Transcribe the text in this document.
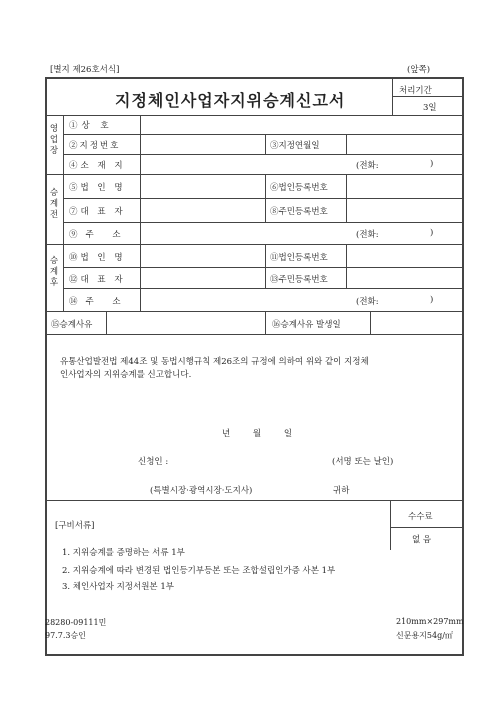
[별지 제26호서식]	(앞쪽)
지정체인사업자지위승계신고서	처리기간
3일
영업장
승계전
승계후
①상 호
②지정번호	③지정연월일
④소 재 지	(전화:	)
⑤법 인 명	⑥법인등록번호
⑦대 표 자	⑧주민등록번호
⑨주 소	(전화:	)
⑩법 인 명	⑪법인등록번호
⑫대 표 자	⑬주민등록번호
⑭주 소	(전화:	)
⑮승계사유	⑯승계사유 발생일
유통산업발전법 제44조 및 동법시행규칙 제26조의 규정에 의하여 위와 같이 지정체
인사업자의 지위승계를 신고합니다.
년 월 일
신청인 :	(서명 또는 날인)
(특별시장·광역시장·도지사)	귀하
[구비서류]
1. 지위승계를 증명하는 서류 1부
2. 지위승계에 따라 변경된 법인등기부등본 또는 조합설립인가증 사본 1부
3. 체인사업자 지정서원본 1부
수수료
없 음
28280-09111민
97.7.3승인
210mm×297mm
신문용지54g/㎡
